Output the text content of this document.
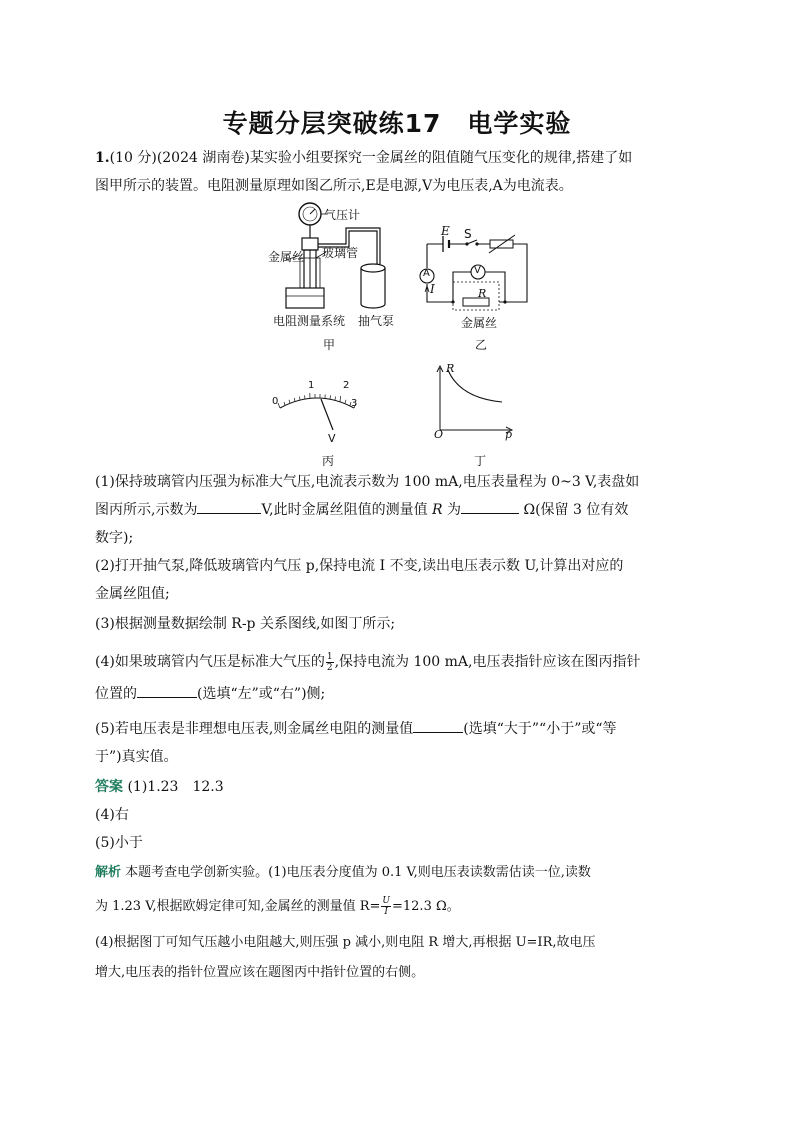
专题分层突破练17　电学实验
1.(10 分)(2024 湖南卷)某实验小组要探究一金属丝的阻值随气压变化的规律,搭建了如
图甲所示的装置。电阻测量原理如图乙所示,E是电源,V为电压表,A为电流表。
气压计
金属丝 玻璃管
电阻测量系统 抽气泵
甲
E S
A	V
I	R
金属丝
乙
0
1	2
3
V
丙
R
p
O
丁
(1)保持玻璃管内压强为标准大气压,电流表示数为 100 mA,电压表量程为 0~3 V,表盘如
图丙所示,示数为	V,此时金属丝阻值的测量值 R 为	Ω(保留 3 位有效
数字);
(2)打开抽气泵,降低玻璃管内气压 p,保持电流 I 不变,读出电压表示数 U,计算出对应的
金属丝阻值;
(3)根据测量数据绘制 R-p 关系图线,如图丁所示;
(4)如果玻璃管内气压是标准大气压的 $\frac{1}{2}$ ,保持电流为 100 mA,电压表指针应该在图丙指针
位置的	(选填“左”或“右”)侧;
(5)若电压表是非理想电压表,则金属丝电阻的测量值	(选填“大于”“小于”或“等
于”)真实值。
答案 (1)1.23　12.3
(4)右
(5)小于
解析 本题考查电学创新实验。(1)电压表分度值为 0.1 V,则电压表读数需估读一位,读数
为 1.23 V,根据欧姆定律可知,金属丝的测量值 $R= \frac{U}{I} =12.3$ Ω。
(4)根据图丁可知气压越小电阻越大,则压强 p 减小,则电阻 R 增大,再根据 U=IR,故电压
增大,电压表的指针位置应该在题图丙中指针位置的右侧。
